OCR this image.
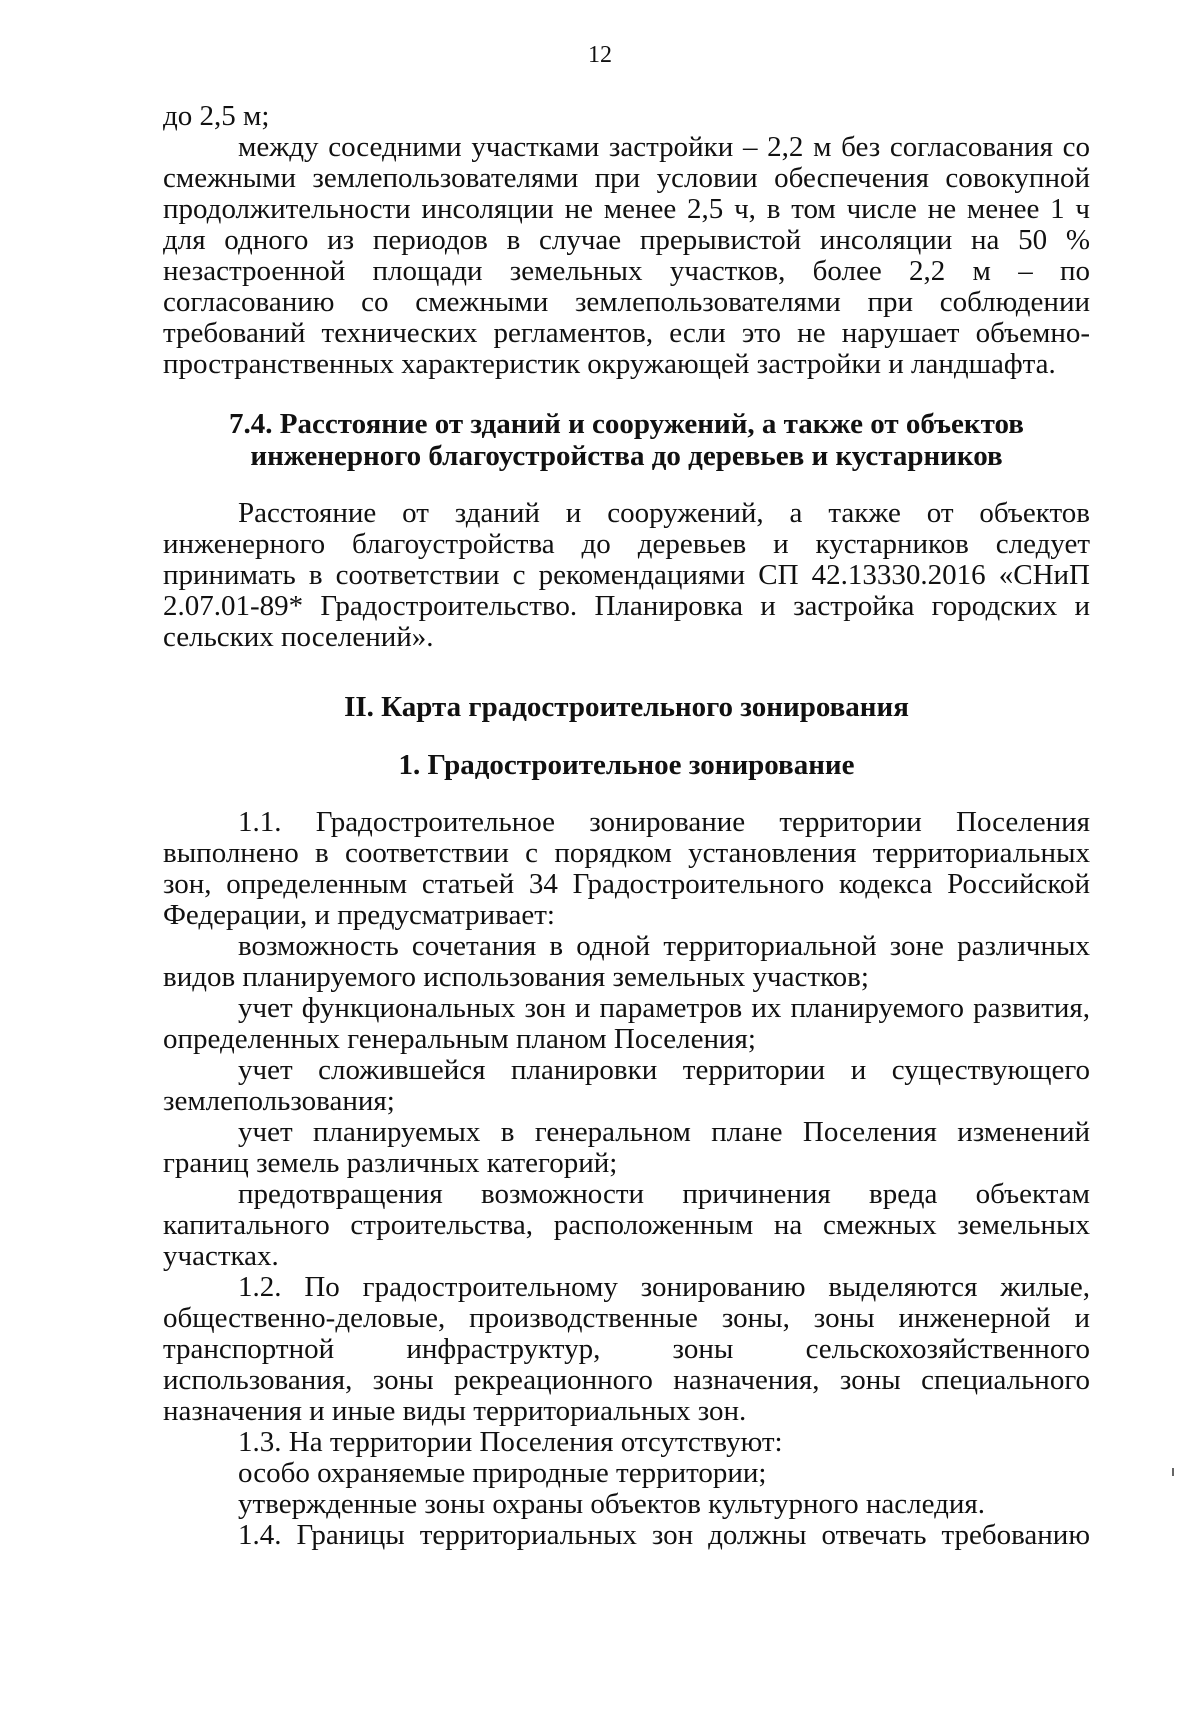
12

до 2,5 м;

между соседними участками застройки – 2,2 м без согласования со смежными землепользователями при условии обеспечения совокупной продолжительности инсоляции не менее 2,5 ч, в том числе не менее 1 ч для одного из периодов в случае прерывистой инсоляции на 50 % незастроенной площади земельных участков, более 2,2 м – по согласованию со смежными землепользователями при соблюдении требований технических регламентов, если это не нарушает объемно-пространственных характеристик окружающей застройки и ландшафта.

7.4. Расстояние от зданий и сооружений, а также от объектов
инженерного благоустройства до деревьев и кустарников

Расстояние от зданий и сооружений, а также от объектов инженерного благоустройства до деревьев и кустарников следует принимать в соответствии с рекомендациями СП 42.13330.2016 «СНиП 2.07.01-89* Градостроительство. Планировка и застройка городских и сельских поселений».

II. Карта градостроительного зонирования
1. Градостроительное зонирование

1.1. Градостроительное зонирование территории Поселения выполнено в соответствии с порядком установления территориальных зон, определенным статьей 34 Градостроительного кодекса Российской Федерации, и предусматривает:

возможность сочетания в одной территориальной зоне различных видов планируемого использования земельных участков;

учет функциональных зон и параметров их планируемого развития, определенных генеральным планом Поселения;

учет сложившейся планировки территории и существующего землепользования;

учет планируемых в генеральном плане Поселения изменений границ земель различных категорий;

предотвращения возможности причинения вреда объектам капитального строительства, расположенным на смежных земельных участках.

1.2. По градостроительному зонированию выделяются жилые, общественно-деловые, производственные зоны, зоны инженерной и транспортной инфраструктур, зоны сельскохозяйственного использования, зоны рекреационного назначения, зоны специального назначения и иные виды территориальных зон.

1.3. На территории Поселения отсутствуют:

особо охраняемые природные территории;

утвержденные зоны охраны объектов культурного наследия.

1.4. Границы территориальных зон должны отвечать требованию
